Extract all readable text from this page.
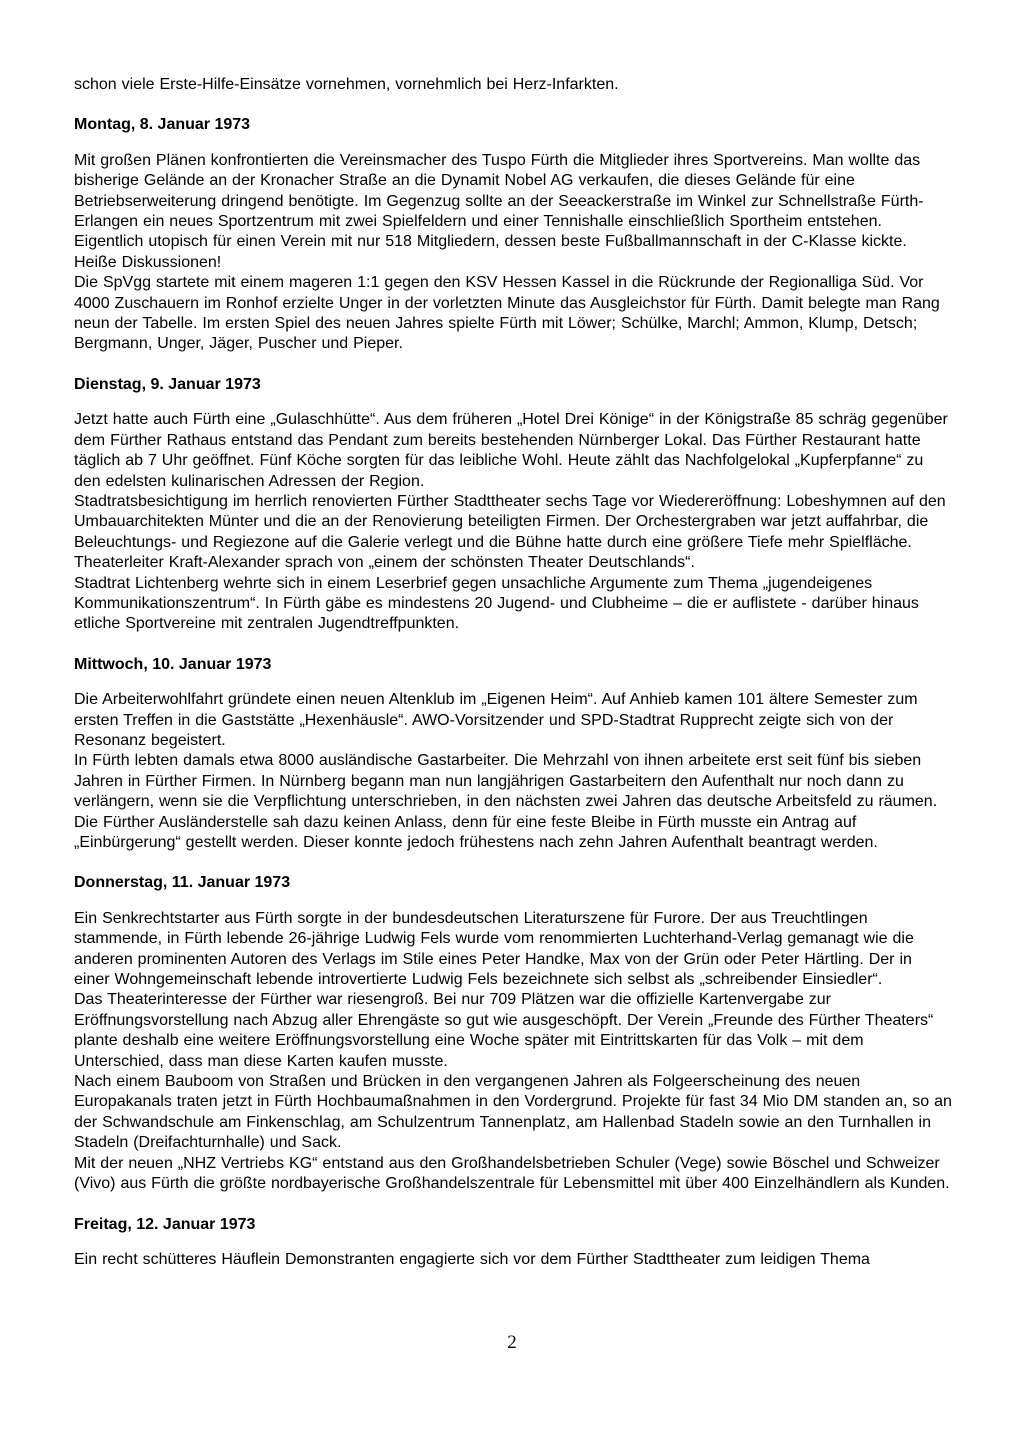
schon viele Erste-Hilfe-Einsätze vornehmen, vornehmlich bei Herz-Infarkten.

Montag, 8. Januar 1973

Mit großen Plänen konfrontierten die Vereinsmacher des Tuspo Fürth die Mitglieder ihres Sportvereins. Man wollte das bisherige Gelände an der Kronacher Straße an die Dynamit Nobel AG verkaufen, die dieses Gelände für eine Betriebserweiterung dringend benötigte. Im Gegenzug sollte an der Seeackerstraße im Winkel zur Schnellstraße Fürth-Erlangen ein neues Sportzentrum mit zwei Spielfeldern und einer Tennishalle einschließlich Sportheim entstehen. Eigentlich utopisch für einen Verein mit nur 518 Mitgliedern, dessen beste Fußballmannschaft in der C-Klasse kickte. Heiße Diskussionen!

Die SpVgg startete mit einem mageren 1:1 gegen den KSV Hessen Kassel in die Rückrunde der Regionalliga Süd. Vor 4000 Zuschauern im Ronhof erzielte Unger in der vorletzten Minute das Ausgleichstor für Fürth. Damit belegte man Rang neun der Tabelle. Im ersten Spiel des neuen Jahres spielte Fürth mit Löwer; Schülke, Marchl; Ammon, Klump, Detsch; Bergmann, Unger, Jäger, Puscher und Pieper.

Dienstag, 9. Januar 1973

Jetzt hatte auch Fürth eine „Gulaschhütte“. Aus dem früheren „Hotel Drei Könige“ in der Königstraße 85 schräg gegenüber dem Fürther Rathaus entstand das Pendant zum bereits bestehenden Nürnberger Lokal. Das Fürther Restaurant hatte täglich ab 7 Uhr geöffnet. Fünf Köche sorgten für das leibliche Wohl. Heute zählt das Nachfolgelokal „Kupferpfanne“ zu den edelsten kulinarischen Adressen der Region.

Stadtratsbesichtigung im herrlich renovierten Fürther Stadttheater sechs Tage vor Wiedereröffnung: Lobeshymnen auf den Umbauarchitekten Münter und die an der Renovierung beteiligten Firmen. Der Orchestergraben war jetzt auffahrbar, die Beleuchtungs- und Regiezone auf die Galerie verlegt und die Bühne hatte durch eine größere Tiefe mehr Spielfläche. Theaterleiter Kraft-Alexander sprach von „einem der schönsten Theater Deutschlands“.

Stadtrat Lichtenberg wehrte sich in einem Leserbrief gegen unsachliche Argumente zum Thema „jugendeigenes Kommunikationszentrum“. In Fürth gäbe es mindestens 20 Jugend- und Clubheime – die er auflistete - darüber hinaus etliche Sportvereine mit zentralen Jugendtreffpunkten.

Mittwoch, 10. Januar 1973

Die Arbeiterwohlfahrt gründete einen neuen Altenklub im „Eigenen Heim“. Auf Anhieb kamen 101 ältere Semester zum ersten Treffen in die Gaststätte „Hexenhäusle“. AWO-Vorsitzender und SPD-Stadtrat Rupprecht zeigte sich von der Resonanz begeistert.

In Fürth lebten damals etwa 8000 ausländische Gastarbeiter. Die Mehrzahl von ihnen arbeitete erst seit fünf bis sieben Jahren in Fürther Firmen. In Nürnberg begann man nun langjährigen Gastarbeitern den Aufenthalt nur noch dann zu verlängern, wenn sie die Verpflichtung unterschrieben, in den nächsten zwei Jahren das deutsche Arbeitsfeld zu räumen. Die Fürther Ausländerstelle sah dazu keinen Anlass, denn für eine feste Bleibe in Fürth musste ein Antrag auf „Einbürgerung“ gestellt werden. Dieser konnte jedoch frühestens nach zehn Jahren Aufenthalt beantragt werden.

Donnerstag, 11. Januar 1973

Ein Senkrechtstarter aus Fürth sorgte in der bundesdeutschen Literaturszene für Furore. Der aus Treuchtlingen stammende, in Fürth lebende 26-jährige Ludwig Fels wurde vom renommierten Luchterhand-Verlag gemanagt wie die anderen prominenten Autoren des Verlags im Stile eines Peter Handke, Max von der Grün oder Peter Härtling. Der in einer Wohngemeinschaft lebende introvertierte Ludwig Fels bezeichnete sich selbst als „schreibender Einsiedler“.

Das Theaterinteresse der Fürther war riesengroß. Bei nur 709 Plätzen war die offizielle Kartenvergabe zur Eröffnungsvorstellung nach Abzug aller Ehrengäste so gut wie ausgeschöpft. Der Verein „Freunde des Fürther Theaters“ plante deshalb eine weitere Eröffnungsvorstellung eine Woche später mit Eintrittskarten für das Volk – mit dem Unterschied, dass man diese Karten kaufen musste.

Nach einem Bauboom von Straßen und Brücken in den vergangenen Jahren als Folgeerscheinung des neuen Europakanals traten jetzt in Fürth Hochbaumaßnahmen in den Vordergrund. Projekte für fast 34 Mio DM standen an, so an der Schwandschule am Finkenschlag, am Schulzentrum Tannenplatz, am Hallenbad Stadeln sowie an den Turnhallen in Stadeln (Dreifachturnhalle) und Sack.

Mit der neuen „NHZ Vertriebs KG“ entstand aus den Großhandelsbetrieben Schuler (Vege) sowie Böschel und Schweizer (Vivo) aus Fürth die größte nordbayerische Großhandelszentrale für Lebensmittel mit über 400 Einzelhändlern als Kunden.

Freitag, 12. Januar 1973

Ein recht schütteres Häuflein Demonstranten engagierte sich vor dem Fürther Stadttheater zum leidigen Thema

2
